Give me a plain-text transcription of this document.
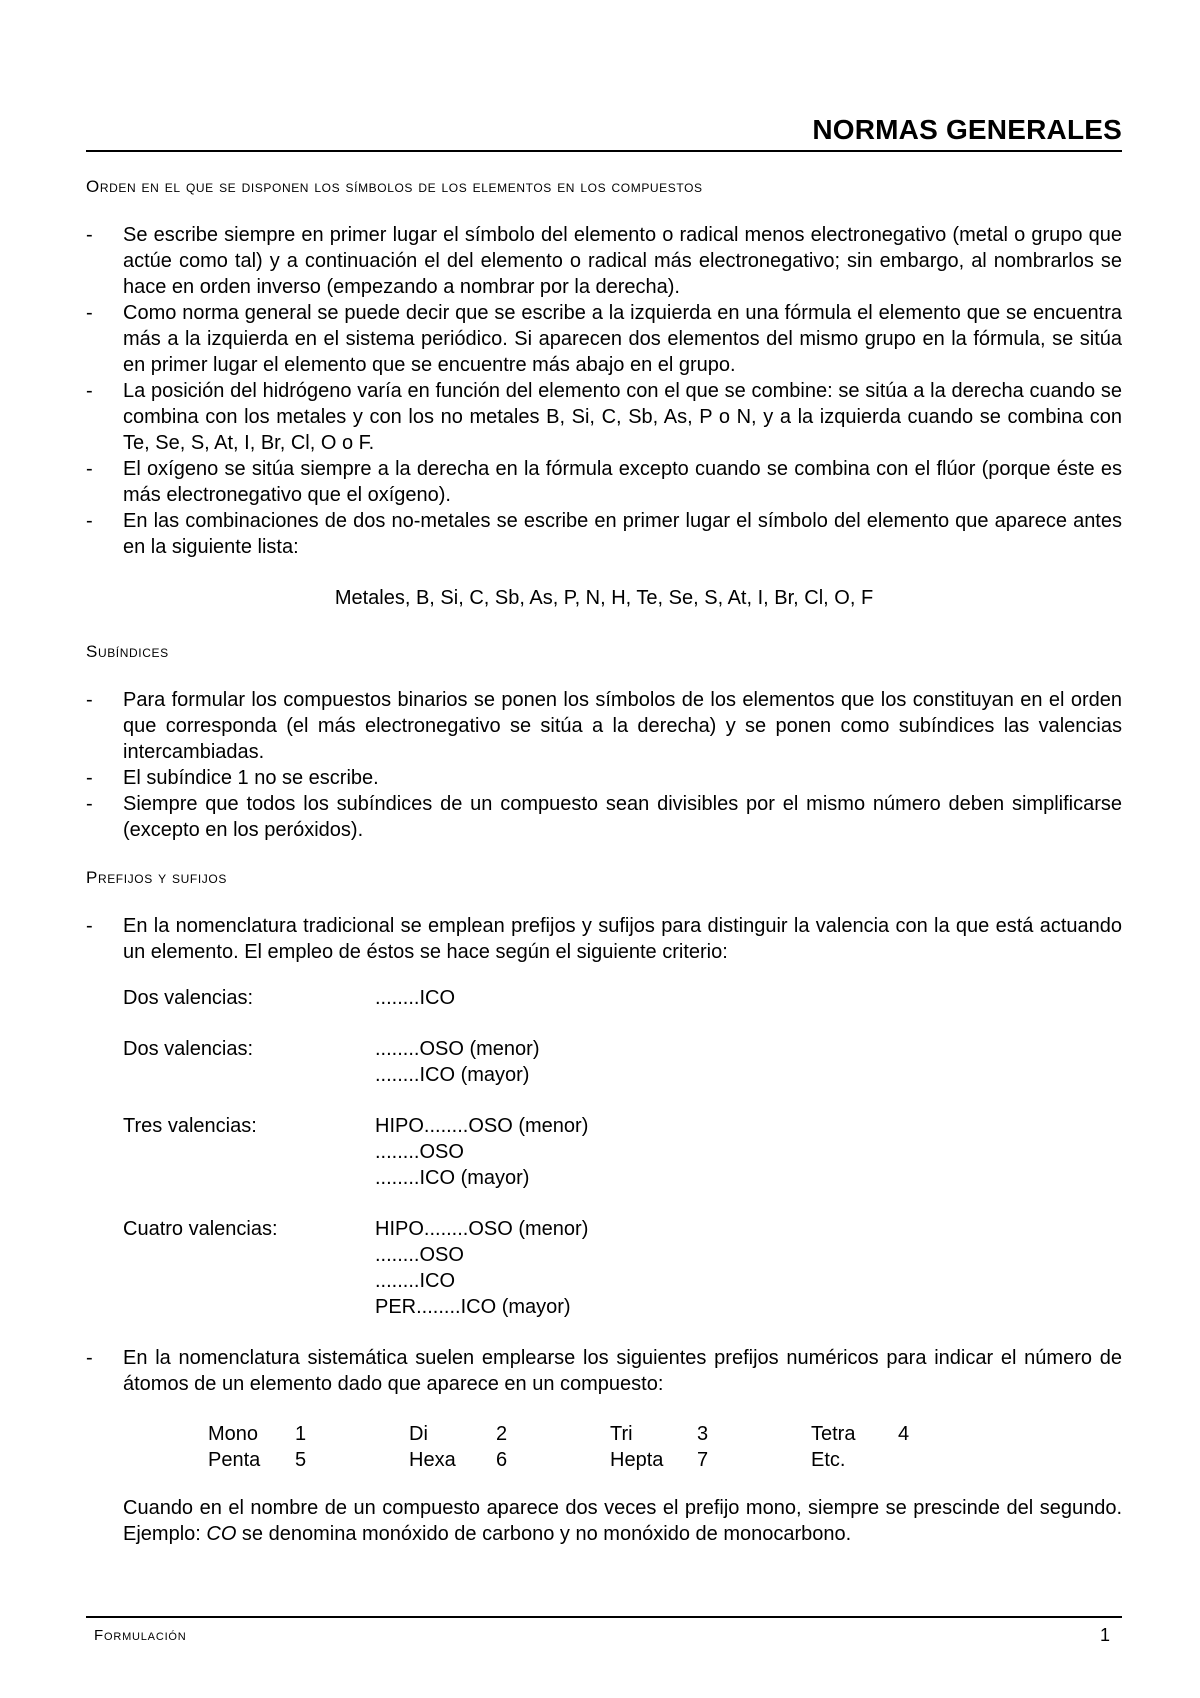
NORMAS GENERALES
Orden en el que se disponen los símbolos de los elementos en los compuestos
- Se escribe siempre en primer lugar el símbolo del elemento o radical menos electronegativo (metal o grupo que actúe como tal) y a continuación el del elemento o radical más electronegativo; sin embargo, al nombrarlos se hace en orden inverso (empezando a nombrar por la derecha).
- Como norma general se puede decir que se escribe a la izquierda en una fórmula el elemento que se encuentra más a la izquierda en el sistema periódico. Si aparecen dos elementos del mismo grupo en la fórmula, se sitúa en primer lugar el elemento que se encuentre más abajo en el grupo.
- La posición del hidrógeno varía en función del elemento con el que se combine: se sitúa a la derecha cuando se combina con los metales y con los no metales B, Si, C, Sb, As, P o N, y a la izquierda cuando se combina con Te, Se, S, At, I, Br, Cl, O o F.
- El oxígeno se sitúa siempre a la derecha en la fórmula excepto cuando se combina con el flúor (porque éste es más electronegativo que el oxígeno).
- En las combinaciones de dos no-metales se escribe en primer lugar el símbolo del elemento que aparece antes en la siguiente lista:
Metales, B, Si, C, Sb, As, P, N, H, Te, Se, S, At, I, Br, Cl, O, F
Subíndices
- Para formular los compuestos binarios se ponen los símbolos de los elementos que los constituyan en el orden que corresponda (el más electronegativo se sitúa a la derecha) y se ponen como subíndices las valencias intercambiadas.
- El subíndice 1 no se escribe.
- Siempre que todos los subíndices de un compuesto sean divisibles por el mismo número deben simplificarse (excepto en los peróxidos).
Prefijos y sufijos
- En la nomenclatura tradicional se emplean prefijos y sufijos para distinguir la valencia con la que está actuando un elemento. El empleo de éstos se hace según el siguiente criterio:
Dos valencias:	........ICO
Dos valencias:	........OSO (menor)
........ICO (mayor)
Tres valencias:	HIPO........OSO (menor)
........OSO
........ICO (mayor)
Cuatro valencias:	HIPO........OSO (menor)
........OSO
........ICO
PER........ICO (mayor)
- En la nomenclatura sistemática suelen emplearse los siguientes prefijos numéricos para indicar el número de átomos de un elemento dado que aparece en un compuesto:
Mono	1	Di	2	Tri	3	Tetra	4
Penta	5	Hexa	6	Hepta	7	Etc.	

Cuando en el nombre de un compuesto aparece dos veces el prefijo mono, siempre se prescinde del segundo. Ejemplo: CO se denomina monóxido de carbono y no monóxido de monocarbono.

Formulación	1
